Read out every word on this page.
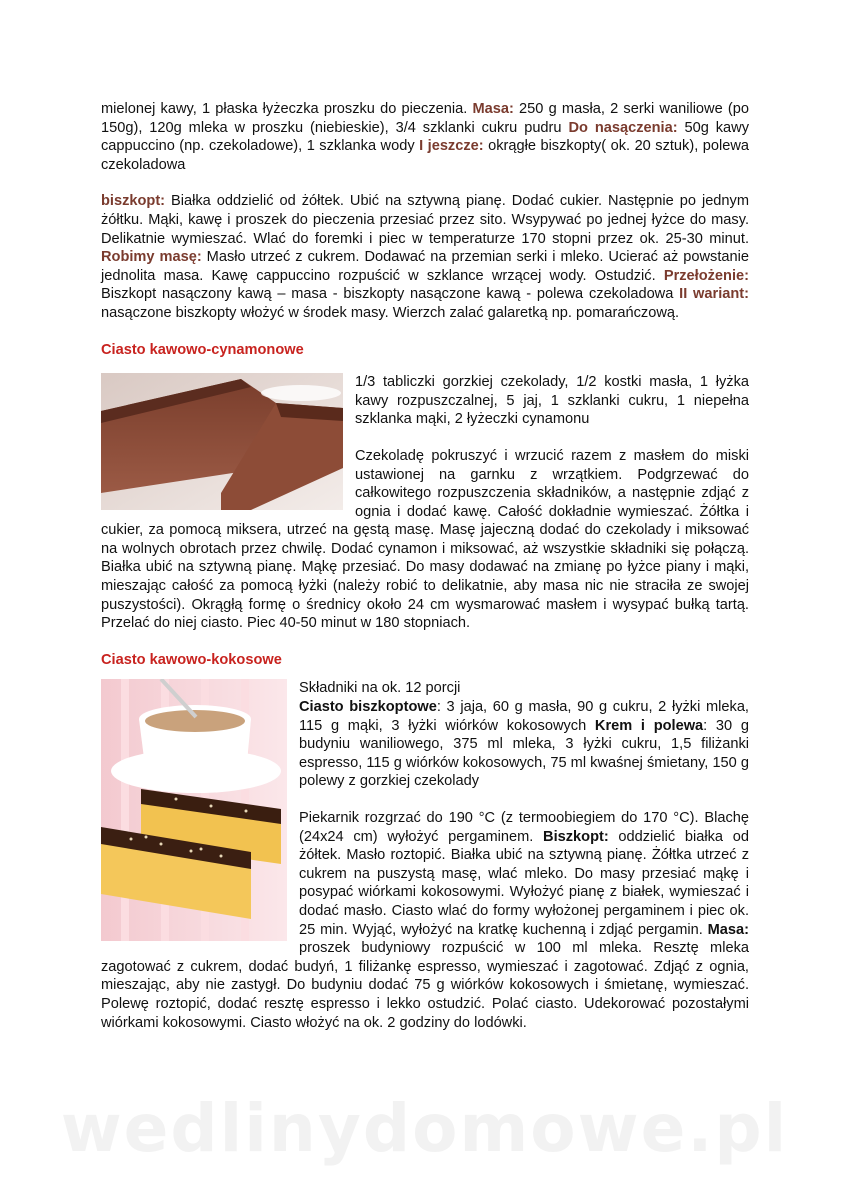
mielonej kawy, 1 płaska łyżeczka proszku do pieczenia. Masa: 250 g masła, 2 serki waniliowe (po 150g), 120g mleka w proszku (niebieskie), 3/4 szklanki cukru pudru Do nasączenia: 50g kawy cappuccino (np. czekoladowe), 1 szklanka wody I jeszcze: okrągłe biszkopty( ok. 20 sztuk), polewa czekoladowa

biszkopt: Białka oddzielić od żółtek. Ubić na sztywną pianę. Dodać cukier. Następnie po jednym żółtku. Mąki, kawę i proszek do pieczenia przesiać przez sito. Wsypywać po jednej łyżce do masy. Delikatnie wymieszać. Wlać do foremki i piec w temperaturze 170 stopni przez ok. 25-30 minut. Robimy masę: Masło utrzeć z cukrem. Dodawać na przemian serki i mleko. Ucierać aż powstanie jednolita masa. Kawę cappuccino rozpuścić w szklance wrzącej wody. Ostudzić. Przełożenie: Biszkopt nasączony kawą – masa - biszkopty nasączone kawą - polewa czekoladowa II wariant: nasączone biszkopty włożyć w środek masy. Wierzch zalać galaretką np. pomarańczową.

Ciasto kawowo-cynamonowe

1/3 tabliczki gorzkiej czekolady, 1/2 kostki masła, 1 łyżka kawy rozpuszczalnej, 5 jaj, 1 szklanki cukru, 1 niepełna szklanka mąki, 2 łyżeczki cynamonu

Czekoladę pokruszyć i wrzucić razem z masłem do miski ustawionej na garnku z wrzątkiem. Podgrzewać do całkowitego rozpuszczenia składników, a następnie zdjąć z ognia i dodać kawę. Całość dokładnie wymieszać. Żółtka i cukier, za pomocą miksera, utrzeć na gęstą masę. Masę jajeczną dodać do czekolady i miksować na wolnych obrotach przez chwilę. Dodać cynamon i miksować, aż wszystkie składniki się połączą. Białka ubić na sztywną pianę. Mąkę przesiać. Do masy dodawać na zmianę po łyżce piany i mąki, mieszając całość za pomocą łyżki (należy robić to delikatnie, aby masa nic nie straciła ze swojej puszystości). Okrągłą formę o średnicy około 24 cm wysmarować masłem i wysypać bułką tartą. Przelać do niej ciasto. Piec 40-50 minut w 180 stopniach.

Ciasto kawowo-kokosowe

Składniki na ok. 12 porcji

Ciasto biszkoptowe: 3 jaja, 60 g masła, 90 g cukru, 2 łyżki mleka, 115 g mąki, 3 łyżki wiórków kokosowych Krem i polewa: 30 g budyniu waniliowego, 375 ml mleka, 3 łyżki cukru, 1,5 filiżanki espresso, 115 g wiórków kokosowych, 75 ml kwaśnej śmietany, 150 g polewy z gorzkiej czekolady

Piekarnik rozgrzać do 190 °C (z termoobiegiem do 170 °C). Blachę (24x24 cm) wyłożyć pergaminem. Biszkopt: oddzielić białka od żółtek. Masło roztopić. Białka ubić na sztywną pianę. Żółtka utrzeć z cukrem na puszystą masę, wlać mleko. Do masy przesiać mąkę i posypać wiórkami kokosowymi. Wyłożyć pianę z białek, wymieszać i dodać masło. Ciasto wlać do formy wyłożonej pergaminem i piec ok. 25 min. Wyjąć, wyłożyć na kratkę kuchenną i zdjąć pergamin. Masa: proszek budyniowy rozpuścić w 100 ml mleka. Resztę mleka zagotować z cukrem, dodać budyń, 1 filiżankę espresso, wymieszać i zagotować. Zdjąć z ognia, mieszając, aby nie zastygł. Do budyniu dodać 75 g wiórków kokosowych i śmietanę, wymieszać. Polewę roztopić, dodać resztę espresso i lekko ostudzić. Polać ciasto. Udekorować pozostałymi wiórkami kokosowymi. Ciasto włożyć na ok. 2 godziny do lodówki.

wedlinydomowe.pl
